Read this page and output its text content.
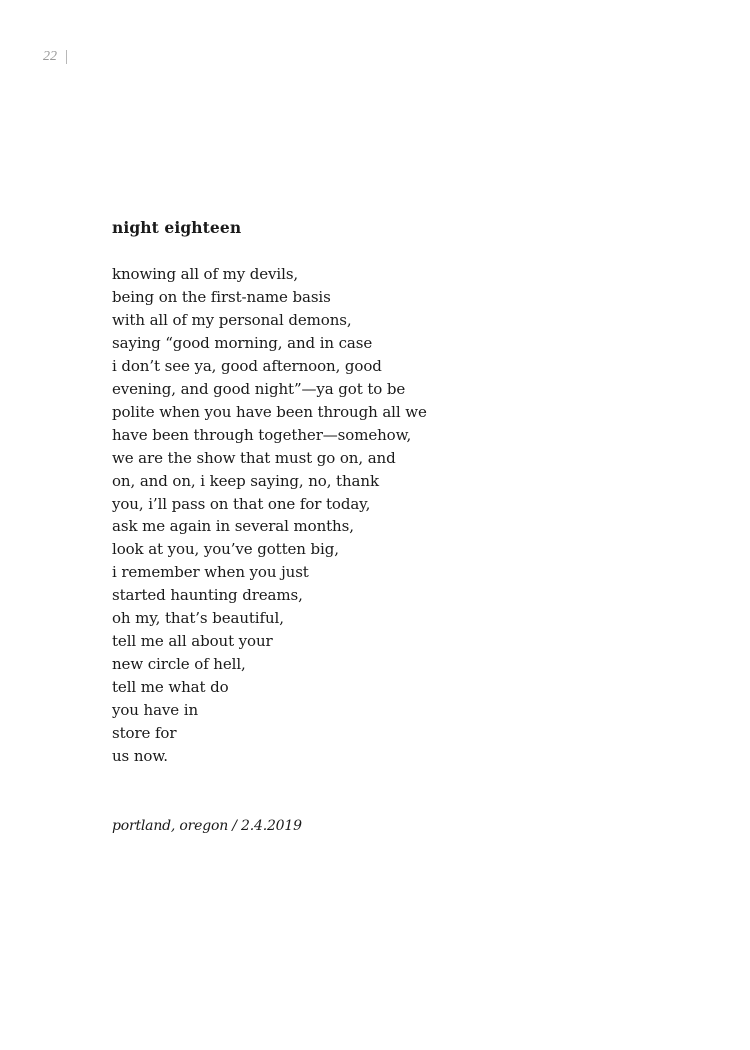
22
night eighteen
knowing all of my devils,
being on the first-name basis
with all of my personal demons,
saying “good morning, and in case
i don’t see ya, good afternoon, good
evening, and good night”—ya got to be
polite when you have been through all we
have been through together—somehow,
we are the show that must go on, and
on, and on, i keep saying, no, thank
you, i’ll pass on that one for today,
ask me again in several months,
look at you, you’ve gotten big,
i remember when you just
started haunting dreams,
oh my, that’s beautiful,
tell me all about your
new circle of hell,
tell me what do
you have in
store for
us now.
portland, oregon / 2.4.2019
